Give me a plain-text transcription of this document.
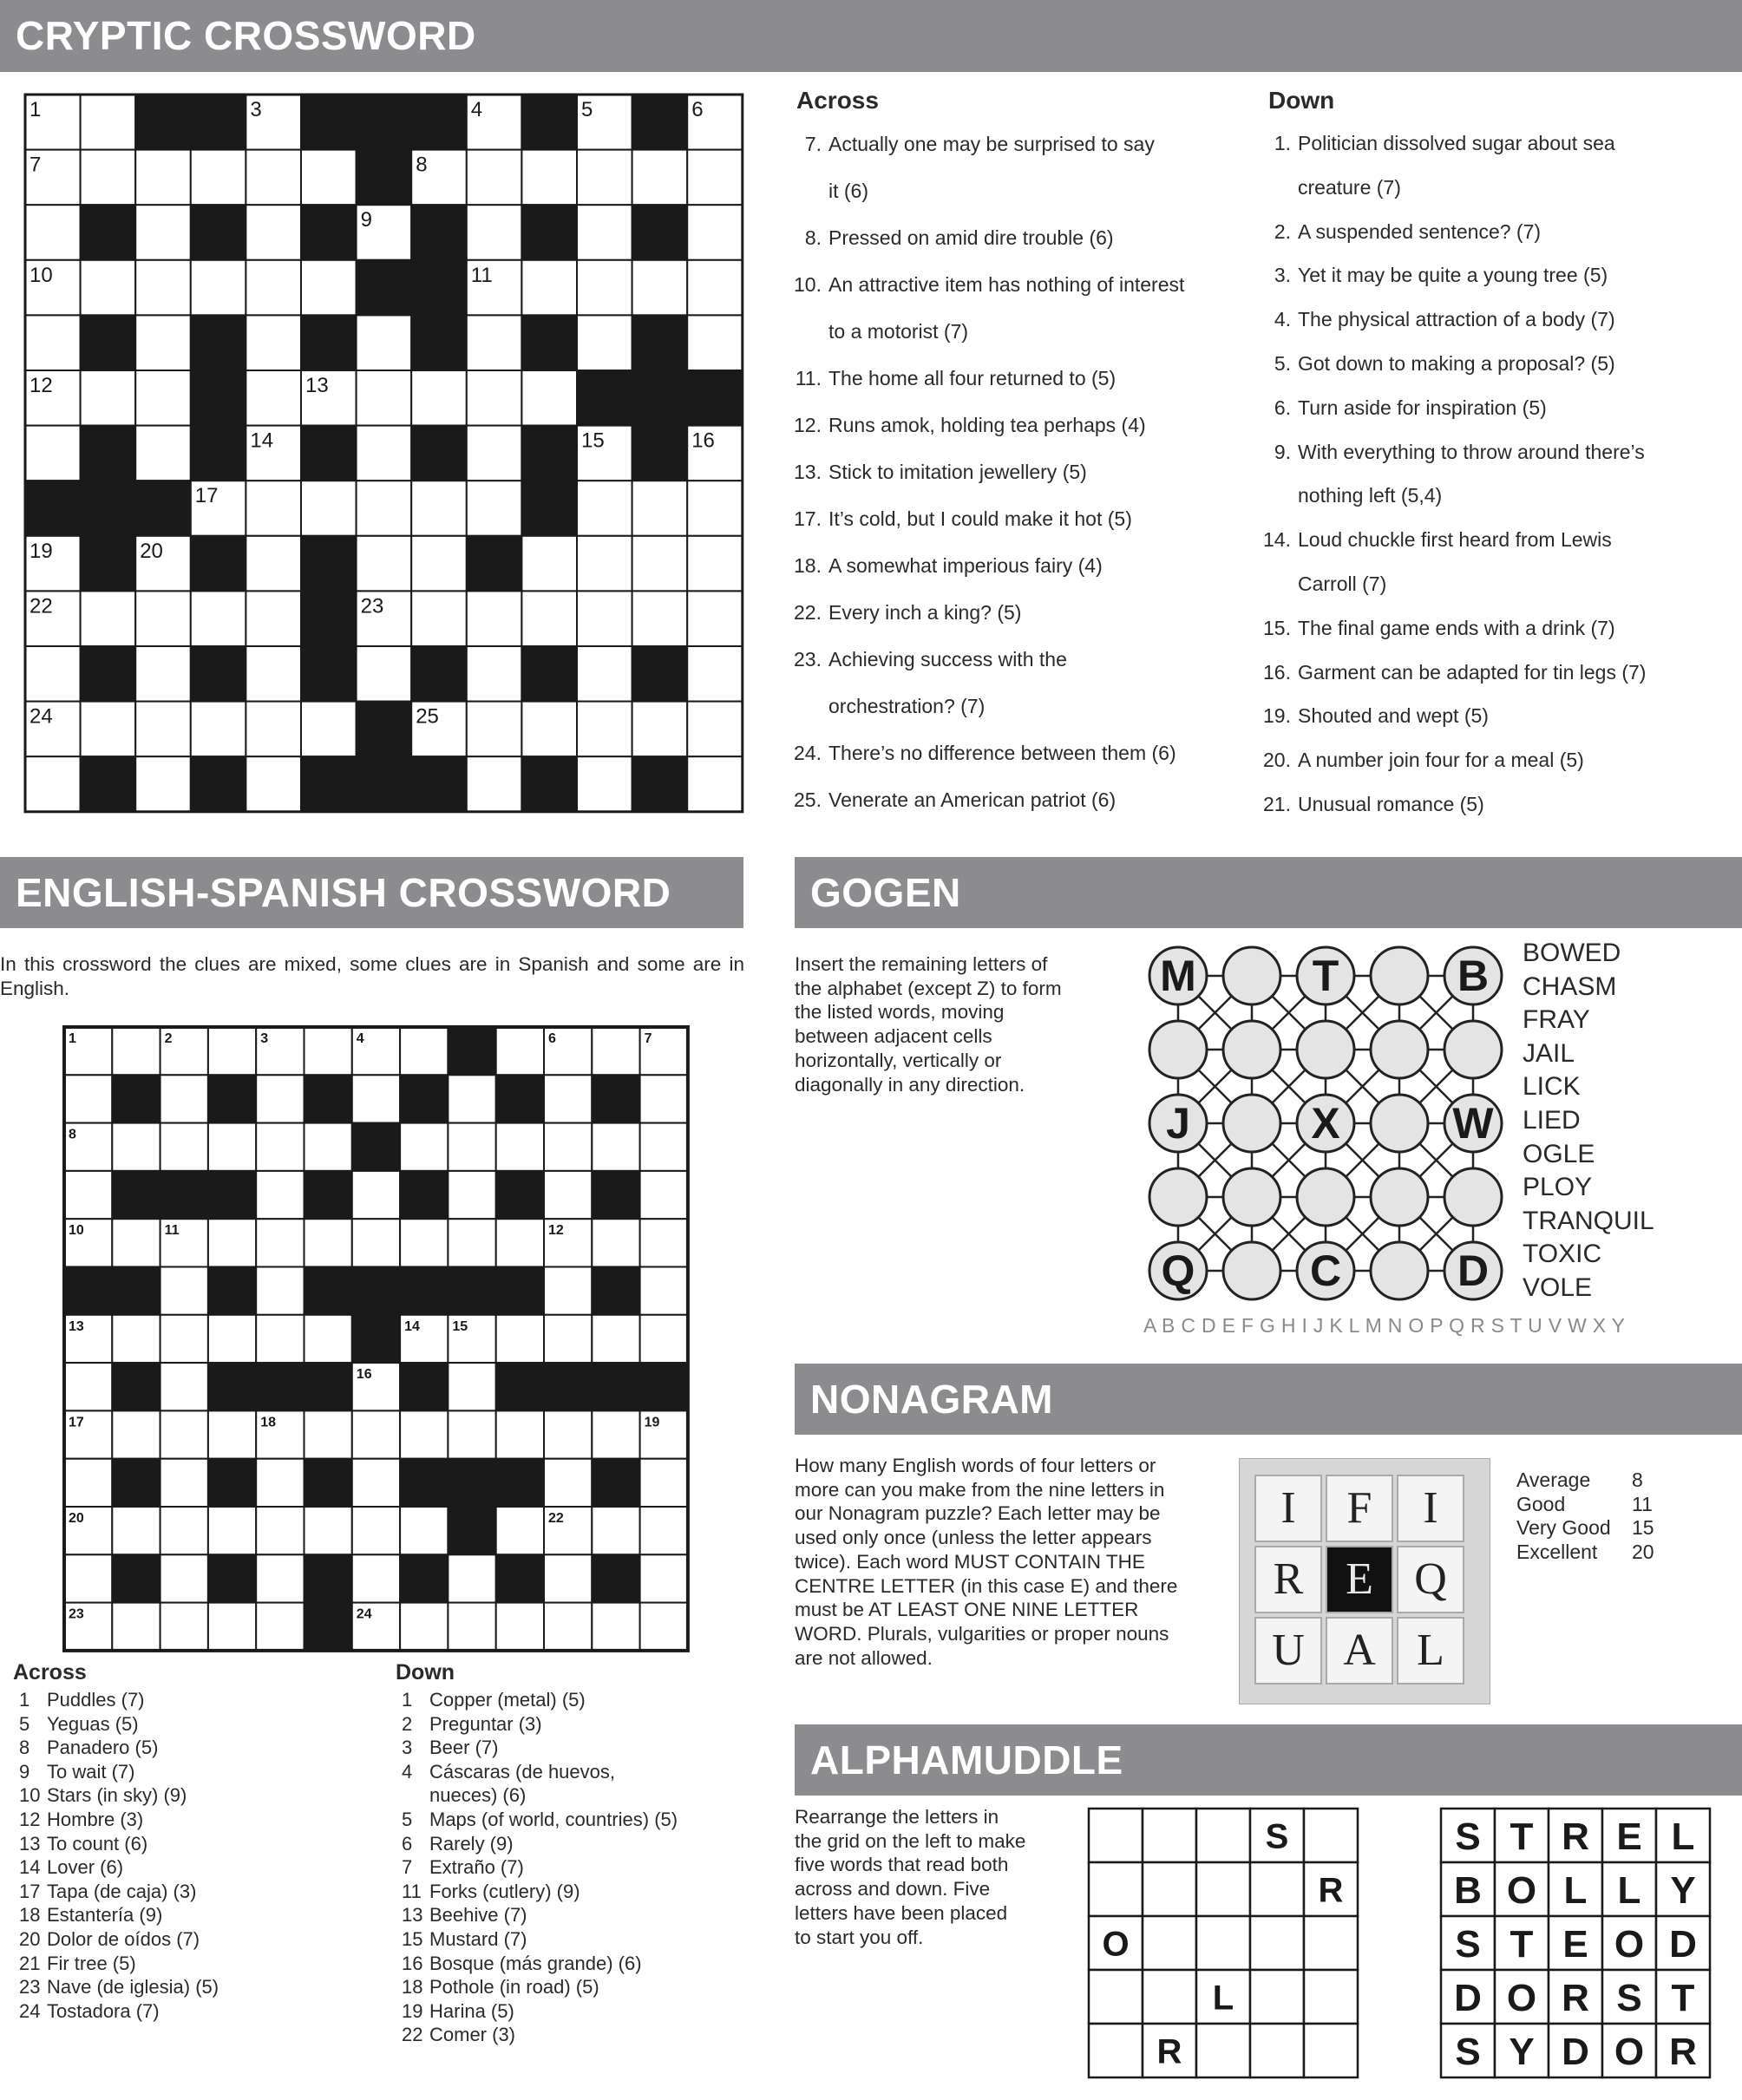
CRYPTIC CROSSWORD
1	2	3	4	5	6
7	8
9
10	11
12	13
14	15	16
17	18
19	20	21
22	23
24	25
Across
7. Actually one may be surprised to say
it (6)
8. Pressed on amid dire trouble (6)
10. An attractive item has nothing of interest
to a motorist (7)
11. The home all four returned to (5)
12. Runs amok, holding tea perhaps (4)
13. Stick to imitation jewellery (5)
17. It’s cold, but I could make it hot (5)
18. A somewhat imperious fairy (4)
22. Every inch a king? (5)
23. Achieving success with the
orchestration? (7)
24. There’s no difference between them (6)
25. Venerate an American patriot (6)
Down
1. Politician dissolved sugar about sea
creature (7)
2. A suspended sentence? (7)
3. Yet it may be quite a young tree (5)
4. The physical attraction of a body (7)
5. Got down to making a proposal? (5)
6. Turn aside for inspiration (5)
9. With everything to throw around there’s
nothing left (5,4)
14. Loud chuckle first heard from Lewis
Carroll (7)
15. The final game ends with a drink (7)
16. Garment can be adapted for tin legs (7)
19. Shouted and wept (5)
20. A number join four for a meal (5)
21. Unusual romance (5)
ENGLISH-SPANISH CROSSWORD
In this crossword the clues are mixed, some clues are in Spanish and some are in English.
1	2	3	4	5	6	7
8	9
10	11	12
13	14 15
16
17	18	19
20	21	22
23	24
Across
1 Puddles (7)
5 Yeguas (5)
8 Panadero (5)
9 To wait (7)
10 Stars (in sky) (9)
12 Hombre (3)
13 To count (6)
14 Lover (6)
17 Tapa (de caja) (3)
18 Estantería (9)
20 Dolor de oídos (7)
21 Fir tree (5)
23 Nave (de iglesia) (5)
24 Tostadora (7)
Down
1 Copper (metal) (5)
2 Preguntar (3)
3 Beer (7)
4 Cáscaras (de huevos,
nueces) (6)
5 Maps (of world, countries) (5)
6 Rarely (9)
7 Extraño (7)
11 Forks (cutlery) (9)
13 Beehive (7)
15 Mustard (7)
16 Bosque (más grande) (6)
18 Pothole (in road) (5)
19 Harina (5)
22 Comer (3)
GOGEN
Insert the remaining letters of the alphabet (except Z) to form the listed words, moving between adjacent cells horizontally, vertically or diagonally in any direction.
M	T	B
J	X	W
Q	C	D
BOWED
CHASM
FRAY
JAIL
LICK
LIED
OGLE
PLOY
TRANQUIL
TOXIC
VOLE
A B C D E F G H I J K L M N O P Q R S T U V W X Y
NONAGRAM
How many English words of four letters or more can you make from the nine letters in our Nonagram puzzle? Each letter may be used only once (unless the letter appears twice). Each word MUST CONTAIN THE CENTRE LETTER (in this case E) and there must be AT LEAST ONE NINE LETTER WORD. Plurals, vulgarities or proper nouns are not allowed.
I	F	I
R E Q
U A L
Average	8
Good	11
Very Good	15
Excellent	20
ALPHAMUDDLE
Rearrange the letters in the grid on the left to make five words that read both across and down. Five letters have been placed to start you off.
S
R
O
L
R
S T R E L
B O L L Y
S T E O D
D O R S T
S Y D O R
